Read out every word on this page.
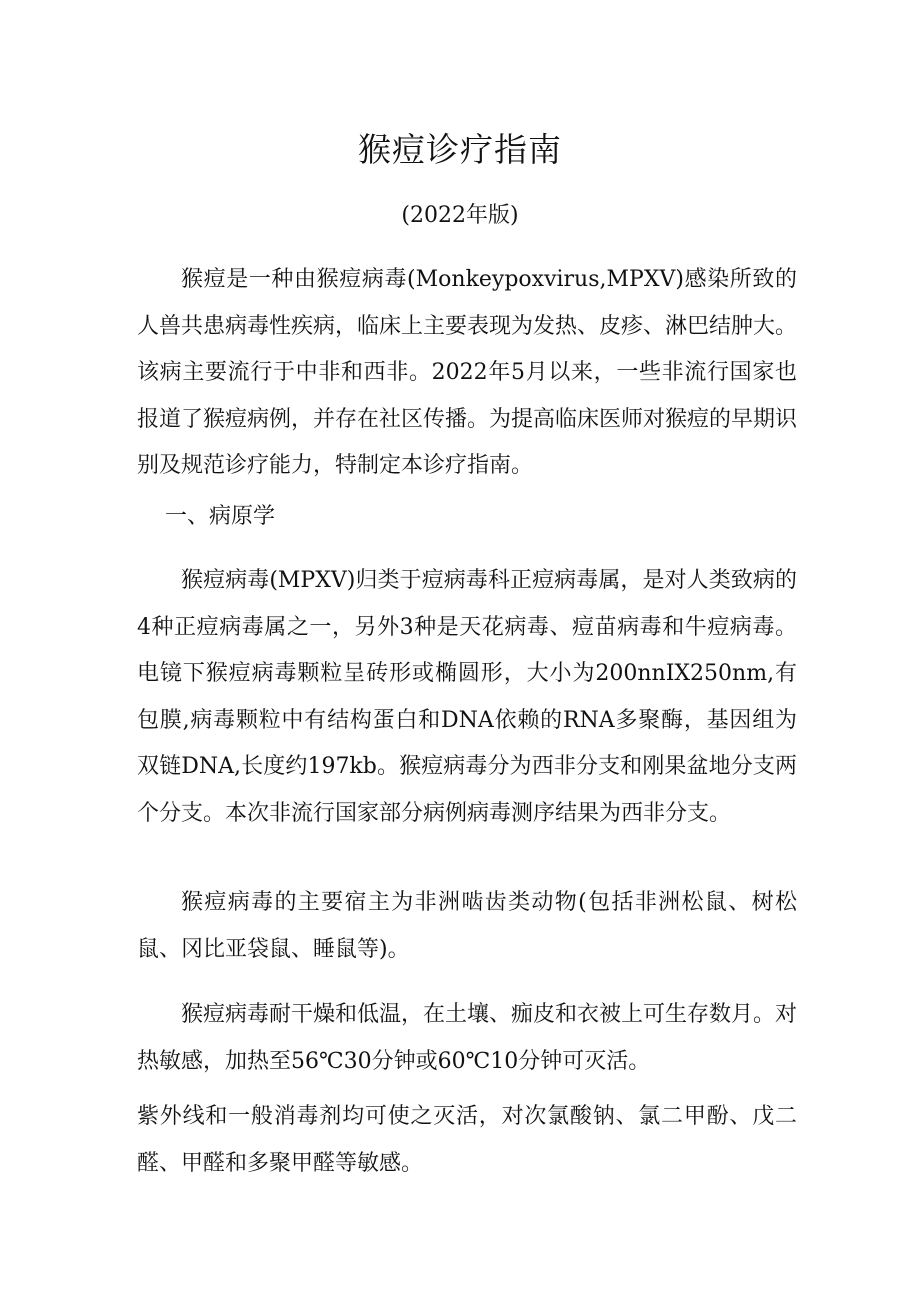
猴痘诊疗指南

(2022年版)

猴痘是一种由猴痘病毒(Monkeypoxvirus,MPXV)感染所致的人兽共患病毒性疾病，临床上主要表现为发热、皮疹、淋巴结肿大。该病主要流行于中非和西非。2022年5月以来，一些非流行国家也报道了猴痘病例，并存在社区传播。为提高临床医师对猴痘的早期识别及规范诊疗能力，特制定本诊疗指南。

一、病原学

猴痘病毒(MPXV)归类于痘病毒科正痘病毒属，是对人类致病的4种正痘病毒属之一，另外3种是天花病毒、痘苗病毒和牛痘病毒。电镜下猴痘病毒颗粒呈砖形或椭圆形，大小为200nnIX250nm,有包膜,病毒颗粒中有结构蛋白和DNA依赖的RNA多聚酶，基因组为双链DNA,长度约197kb。猴痘病毒分为西非分支和刚果盆地分支两个分支。本次非流行国家部分病例病毒测序结果为西非分支。

猴痘病毒的主要宿主为非洲啮齿类动物(包括非洲松鼠、树松鼠、冈比亚袋鼠、睡鼠等)。

猴痘病毒耐干燥和低温，在土壤、痂皮和衣被上可生存数月。对热敏感，加热至56℃30分钟或60℃10分钟可灭活。

紫外线和一般消毒剂均可使之灭活，对次氯酸钠、氯二甲酚、戊二醛、甲醛和多聚甲醛等敏感。
